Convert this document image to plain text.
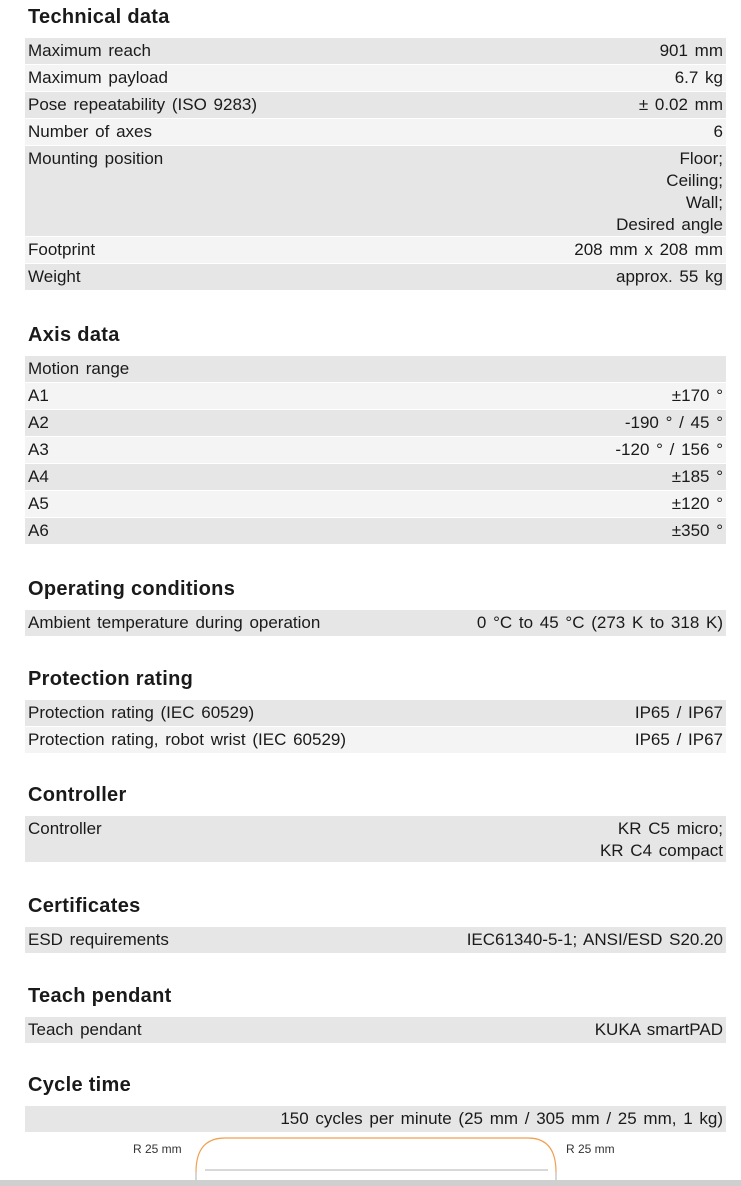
Technical data
Maximum reach	901 mm
Maximum payload	6.7 kg
Pose repeatability (ISO 9283)	± 0.02 mm
Number of axes	6
Mounting position	Floor;
Ceiling;
Wall;
Desired angle
Footprint	208 mm x 208 mm
Weight	approx. 55 kg
Axis data
Motion range
A1	±170 °
A2	-190 ° / 45 °
A3	-120 ° / 156 °
A4	±185 °
A5	±120 °
A6	±350 °
Operating conditions
Ambient temperature during operation	0 °C to 45 °C (273 K to 318 K)
Protection rating
Protection rating (IEC 60529)	IP65 / IP67
Protection rating, robot wrist (IEC 60529)	IP65 / IP67
Controller
Controller	KR C5 micro;
KR C4 compact
Certificates
ESD requirements	IEC61340-5-1; ANSI/ESD S20.20
Teach pendant
Teach pendant	KUKA smartPAD
Cycle time
150 cycles per minute (25 mm / 305 mm / 25 mm, 1 kg)
R 25 mm	R 25 mm
